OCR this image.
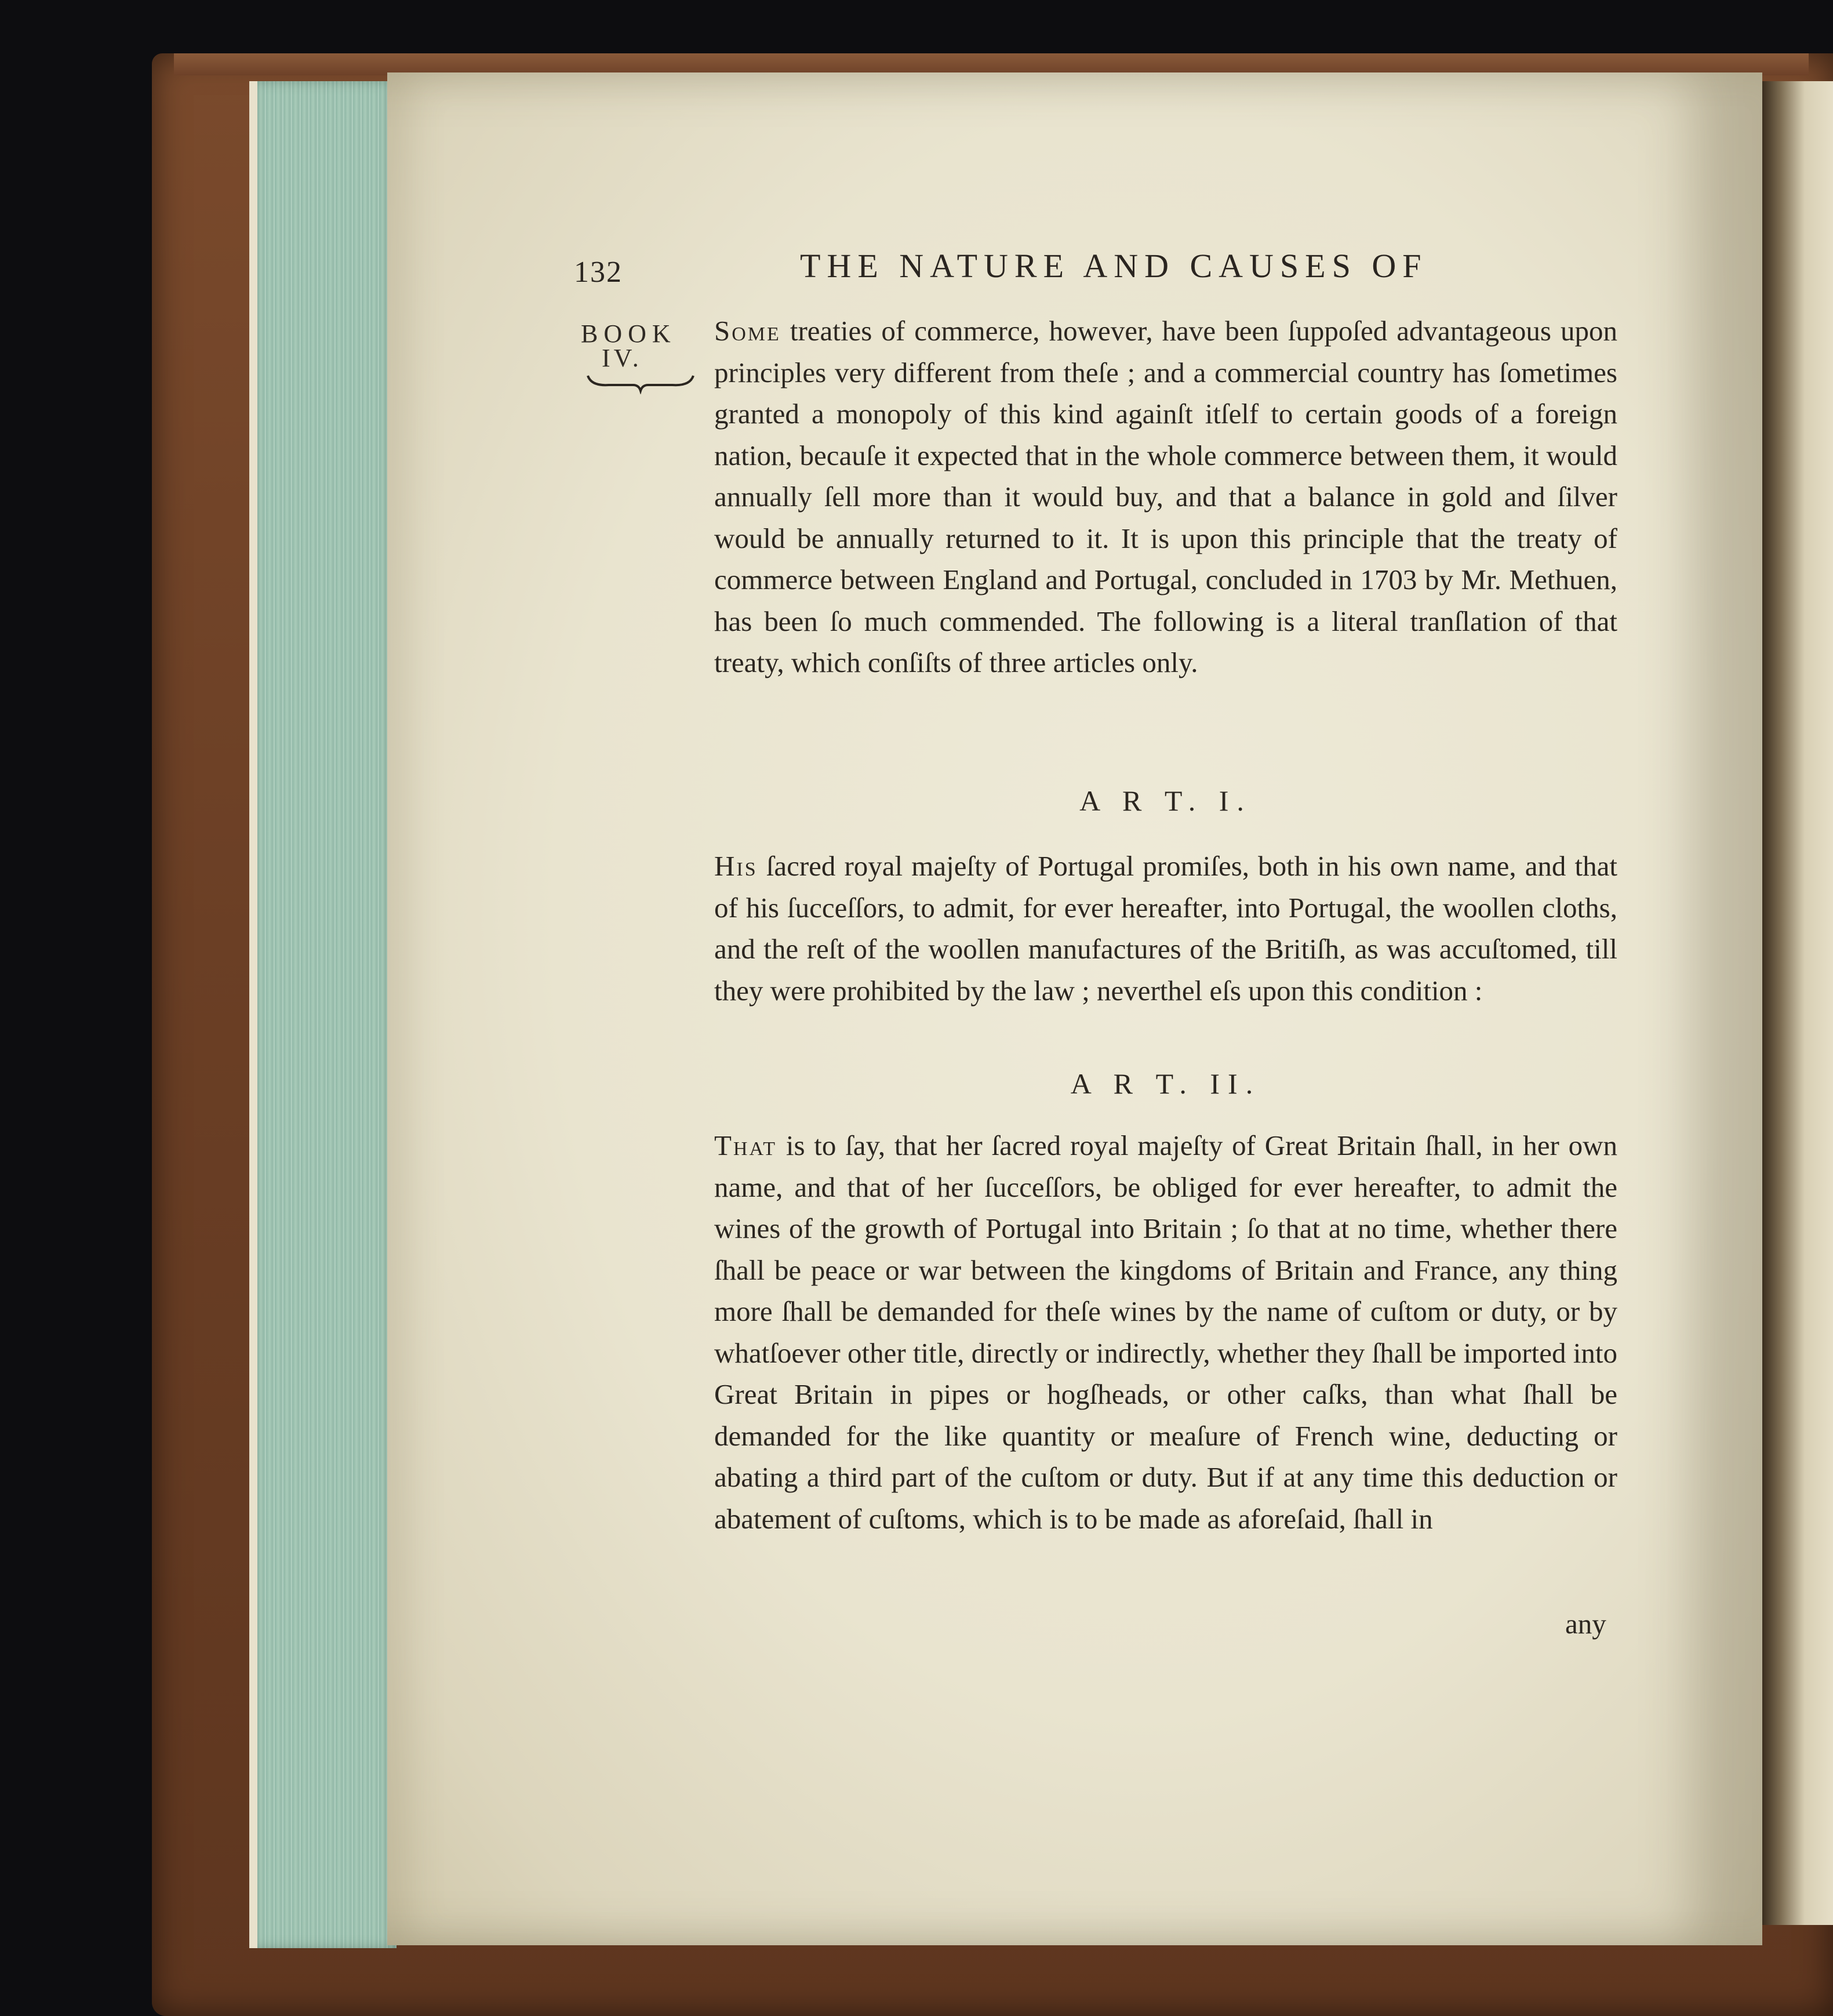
132	THE NATURE AND CAUSES OF
BOOK
IV.
Some treaties of commerce, however, have been ſuppoſed advantageous upon principles very different from theſe ; and a commercial country has ſometimes granted a monopoly of this kind againſt itſelf to certain goods of a foreign nation, becauſe it expected that in the whole commerce between them, it would annually ſell more than it would buy, and that a balance in gold and ſilver would be annually returned to it. It is upon this principle that the treaty of commerce between England and Portugal, concluded in 1703 by Mr. Methuen, has been ſo much commended. The following is a literal tranſlation of that treaty, which conſiſts of three articles only.
A R T. I.
His ſacred royal majeſty of Portugal promiſes, both in his own name, and that of his ſucceſſors, to admit, for ever hereafter, into Portugal, the woollen cloths, and the reſt of the woollen manufactures of the Britiſh, as was accuſtomed, till they were prohibited by the law ; neverthel eſs upon this condition :
A R T. II.
That is to ſay, that her ſacred royal majeſty of Great Britain ſhall, in her own name, and that of her ſucceſſors, be obliged for ever hereafter, to admit the wines of the growth of Portugal into Britain ; ſo that at no time, whether there ſhall be peace or war between the kingdoms of Britain and France, any thing more ſhall be demanded for theſe wines by the name of cuſtom or duty, or by whatſoever other title, directly or indirectly, whether they ſhall be imported into Great Britain in pipes or hogſheads, or other caſks, than what ſhall be demanded for the like quantity or meaſure of French wine, deducting or abating a third part of the cuſtom or duty. But if at any time this deduction or abatement of cuſtoms, which is to be made as aforeſaid, ſhall in
any
